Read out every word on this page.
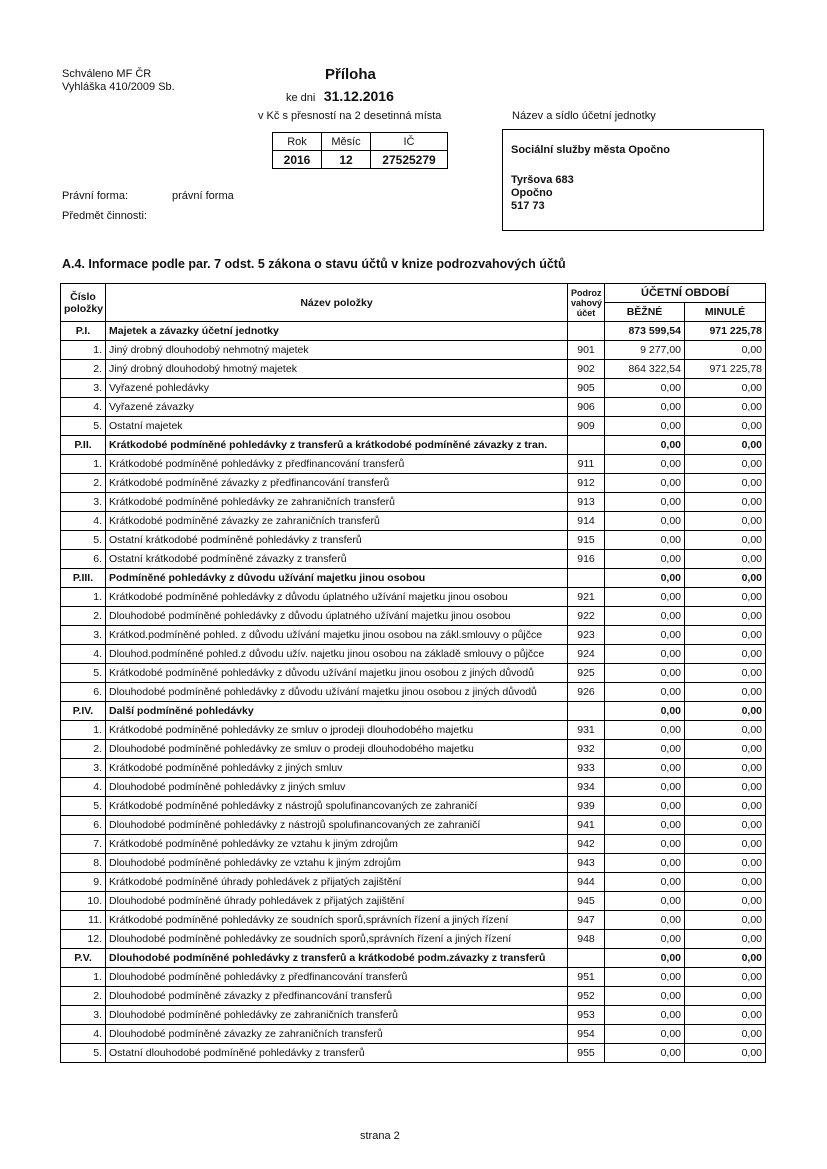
Schváleno MF ČR
Vyhláška 410/2009 Sb.
Příloha
ke dni 31.12.2016
v Kč s přesností na 2 desetinná místa	Název a sídlo účetní jednotky
Rok	Měsíc	IČ
2016	12	27525279
Sociální služby města Opočno
Tyršova 683
Opočno
517 73
Právní forma:	právní forma
Předmět činnosti:
A.4. Informace podle par. 7 odst. 5 zákona o stavu účtů v knize podrozvahových účtů
Číslo položky	Název položky	Podroz vahový účet	ÚČETNÍ OBDOBÍ	
			BĚŽNÉ	MINULÉ
P.I.	Majetek a závazky účetní jednotky		873 599,54	971 225,78
1.	Jiný drobný dlouhodobý nehmotný majetek	901	9 277,00	0,00
2.	Jiný drobný dlouhodobý hmotný majetek	902	864 322,54	971 225,78
3.	Vyřazené pohledávky	905	0,00	0,00
4.	Vyřazené závazky	906	0,00	0,00
5.	Ostatní majetek	909	0,00	0,00
P.II.	Krátkodobé podmíněné pohledávky z transferů a krátkodobé podmíněné závazky z tran.		0,00	0,00
1.	Krátkodobé podmíněné pohledávky z předfinancování transferů	911	0,00	0,00
2.	Krátkodobé podmíněné závazky z předfinancování transferů	912	0,00	0,00
3.	Krátkodobé podmíněné pohledávky ze zahraničních transferů	913	0,00	0,00
4.	Krátkodobé podmíněné závazky ze zahraničních transferů	914	0,00	0,00
5.	Ostatní krátkodobé podmíněné pohledávky z transferů	915	0,00	0,00
6.	Ostatní krátkodobé podmíněné závazky z transferů	916	0,00	0,00
P.III.	Podmíněné pohledávky z důvodu užívání majetku jinou osobou		0,00	0,00
1.	Krátkodobé podmíněné pohledávky z důvodu úplatného užívání majetku jinou osobou	921	0,00	0,00
2.	Dlouhodobé podmíněné pohledávky z důvodu úplatného užívání majetku jinou osobou	922	0,00	0,00
3.	Krátkod.podmíněné pohled. z důvodu užívání majetku jinou osobou na zákl.smlouvy o půjčce	923	0,00	0,00
4.	Dlouhod.podmíněné pohled.z důvodu užív. najetku jinou osobou na základě smlouvy o půjčce	924	0,00	0,00
5.	Krátkodobé podmíněné pohledávky z důvodu užívání majetku jinou osobou z jiných důvodů	925	0,00	0,00
6.	Dlouhodobé podmíněné pohledávky z důvodu užívání majetku jinou osobou z jiných důvodů	926	0,00	0,00
P.IV.	Další podmíněné pohledávky		0,00	0,00
1.	Krátkodobé podmíněné pohledávky ze smluv o jprodeji dlouhodobého majetku	931	0,00	0,00
2.	Dlouhodobé podmíněné pohledávky ze smluv o prodeji dlouhodobého majetku	932	0,00	0,00
3.	Krátkodobé podmíněné pohledávky z jiných smluv	933	0,00	0,00
4.	Dlouhodobé podmíněné pohledávky z jiných smluv	934	0,00	0,00
5.	Krátkodobé podmíněné pohledávky z nástrojů spolufinancovaných ze zahraničí	939	0,00	0,00
6.	Dlouhodobé podmíněné pohledávky z nástrojů spolufinancovaných ze zahraničí	941	0,00	0,00
7.	Krátkodobé podmíněné pohledávky ze vztahu k jiným zdrojům	942	0,00	0,00
8.	Dlouhodobé podmíněné pohledávky ze vztahu k jiným zdrojům	943	0,00	0,00
9.	Krátkodobé podmíněné úhrady pohledávek z přijatých zajištění	944	0,00	0,00
10.	Dlouhodobé podmíněné úhrady pohledávek z přijatých zajištění	945	0,00	0,00
11.	Krátkodobé podmíněné pohledávky ze soudních sporů,správních řízení a jiných řízení	947	0,00	0,00
12.	Dlouhodobé podmíněné pohledávky ze soudních sporů,správních řízení a jiných řízení	948	0,00	0,00
P.V.	Dlouhodobé podmíněné pohledávky z transferů a krátkodobé podm.závazky z transferů		0,00	0,00
1.	Dlouhodobé podmíněné pohledávky z předfinancování transferů	951	0,00	0,00
2.	Dlouhodobé podmíněné závazky z předfinancování transferů	952	0,00	0,00
3.	Dlouhodobé podmíněné pohledávky ze zahraničních transferů	953	0,00	0,00
4.	Dlouhodobé podmíněné závazky ze zahraničních transferů	954	0,00	0,00
5.	Ostatní dlouhodobé podmíněné pohledávky z transferů	955	0,00	0,00
strana 2
